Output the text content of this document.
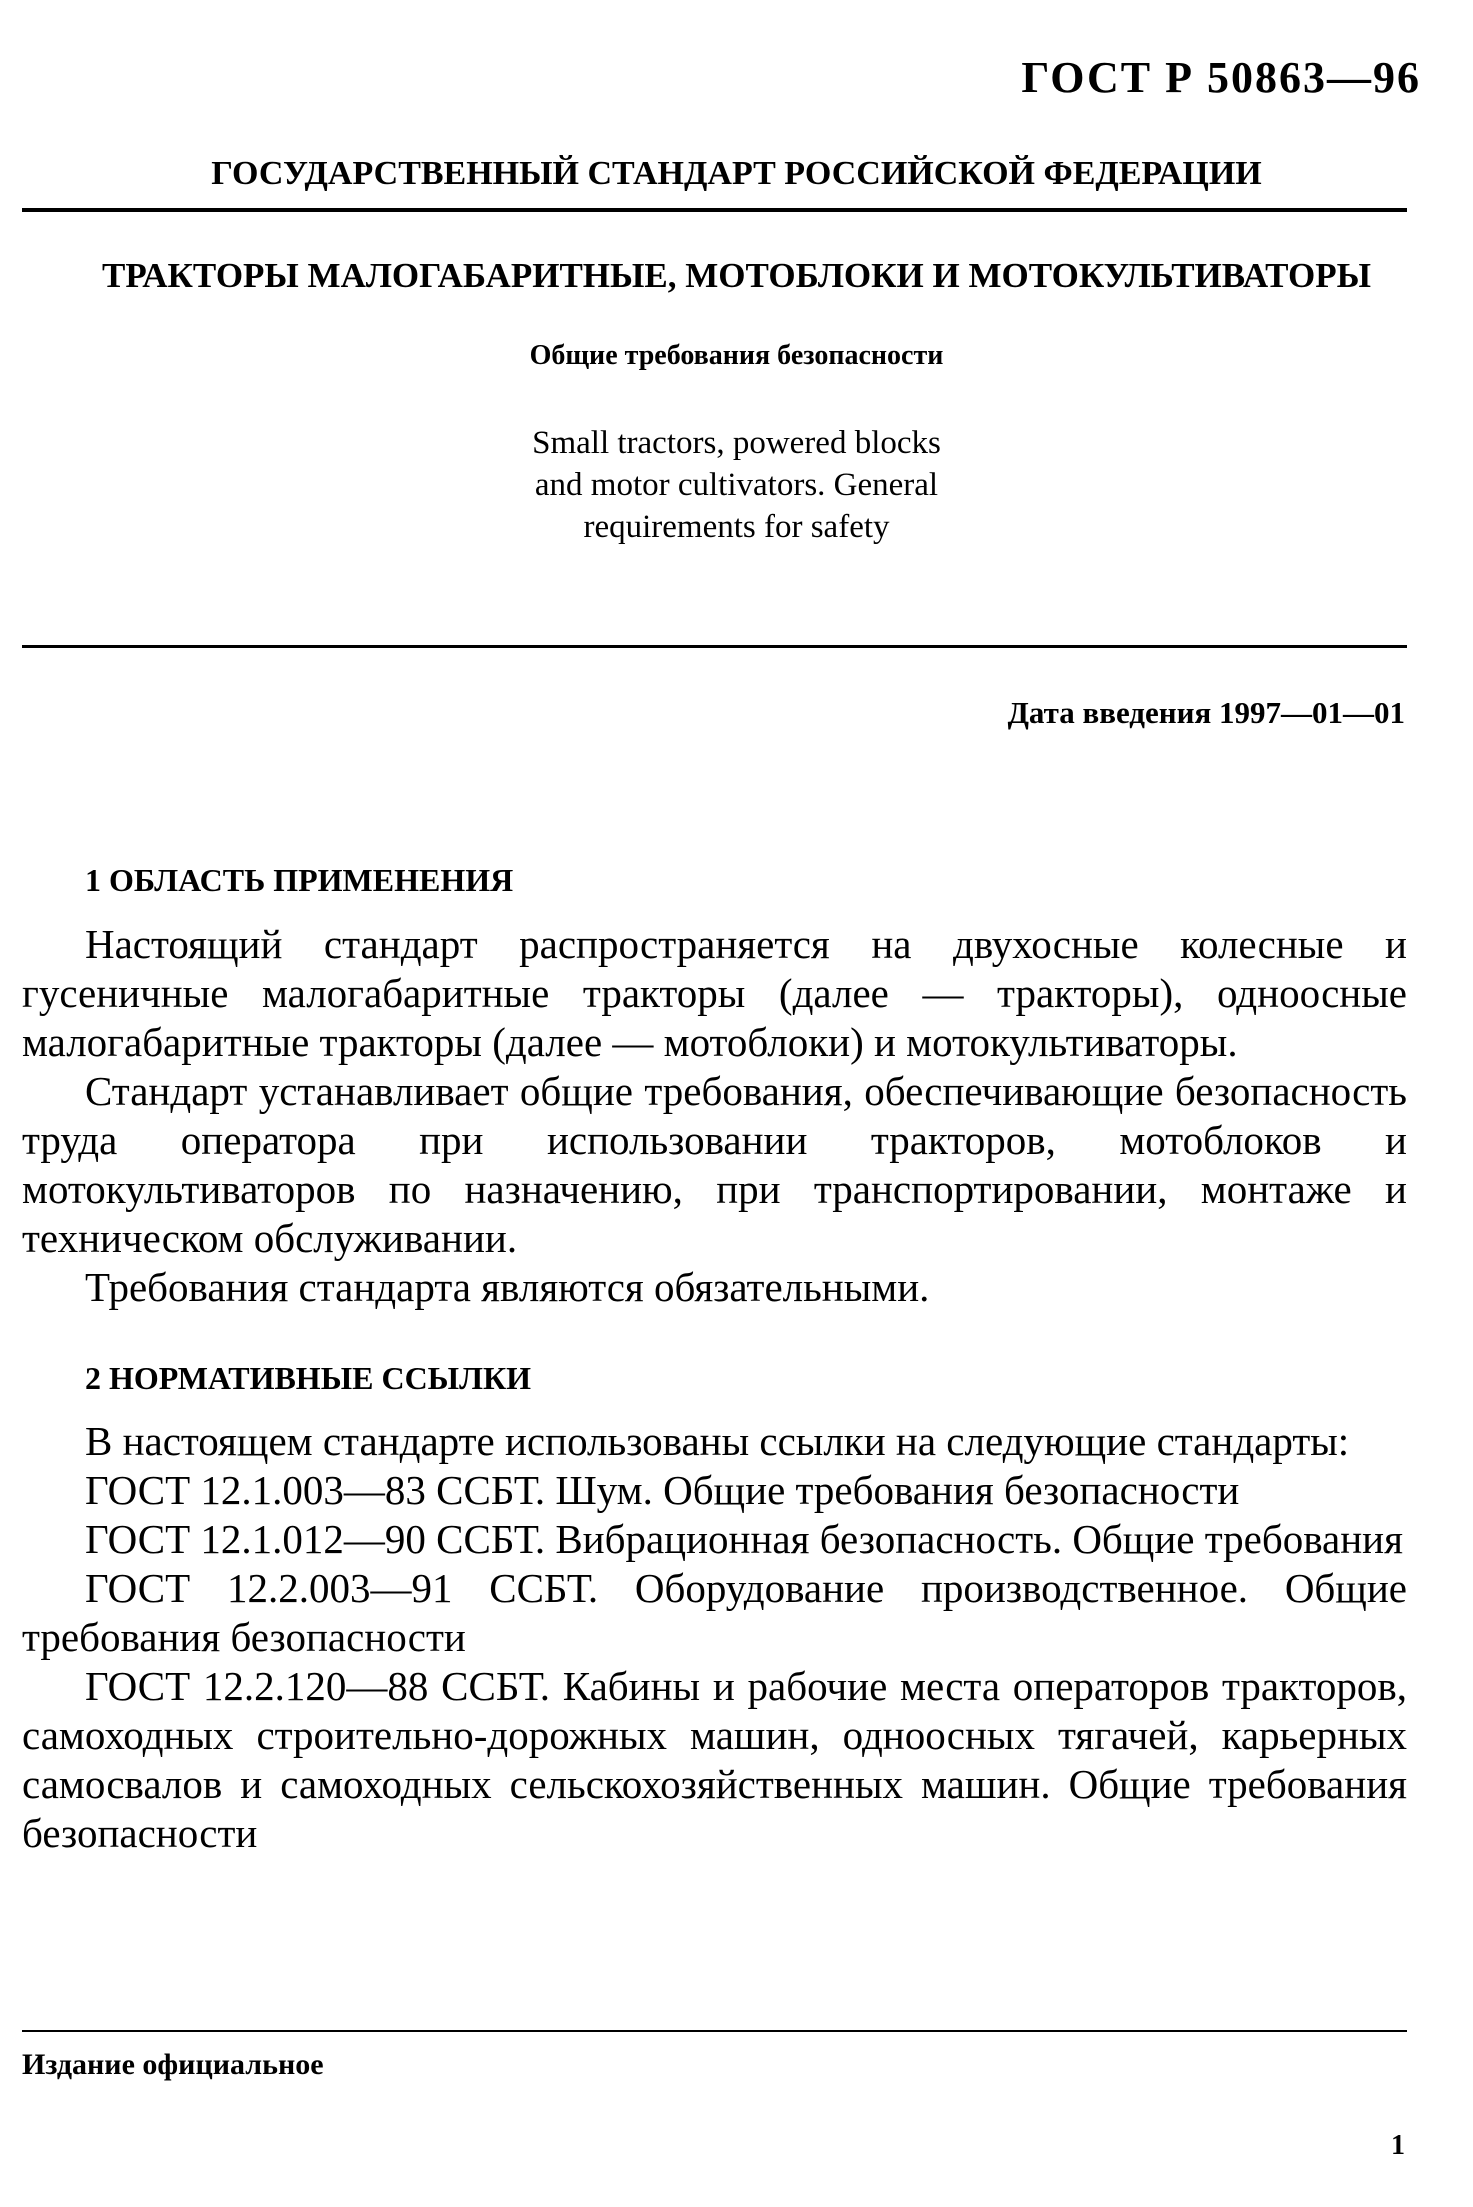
ГОСТ Р 50863—96
ГОСУДАРСТВЕННЫЙ СТАНДАРТ РОССИЙСКОЙ ФЕДЕРАЦИИ
ТРАКТОРЫ МАЛОГАБАРИТНЫЕ, МОТОБЛОКИ И МОТОКУЛЬТИВАТОРЫ
Общие требования безопасности
Small tractors, powered blocks
and motor cultivators. General
requirements for safety
Дата введения 1997—01—01
1 ОБЛАСТЬ ПРИМЕНЕНИЯ

Настоящий стандарт распространяется на двухосные колесные и гусеничные малогабаритные тракторы (далее — тракторы), одноосные малогабаритные тракторы (далее — мотоблоки) и мотокультиваторы.

Стандарт устанавливает общие требования, обеспечивающие безопасность труда оператора при использовании тракторов, мотоблоков и мотокультиваторов по назначению, при транспортировании, монтаже и техническом обслуживании.

Требования стандарта являются обязательными.

2 НОРМАТИВНЫЕ ССЫЛКИ

В настоящем стандарте использованы ссылки на следующие стандарты:

ГОСТ 12.1.003—83 ССБТ. Шум. Общие требования безопасности

ГОСТ 12.1.012—90 ССБТ. Вибрационная безопасность. Общие требования

ГОСТ 12.2.003—91 ССБТ. Оборудование производственное. Общие требования безопасности

ГОСТ 12.2.120—88 ССБТ. Кабины и рабочие места операторов тракторов, самоходных строительно-дорожных машин, одноосных тягачей, карьерных самосвалов и самоходных сельскохозяйственных машин. Общие требования безопасности

Издание официальное
1
